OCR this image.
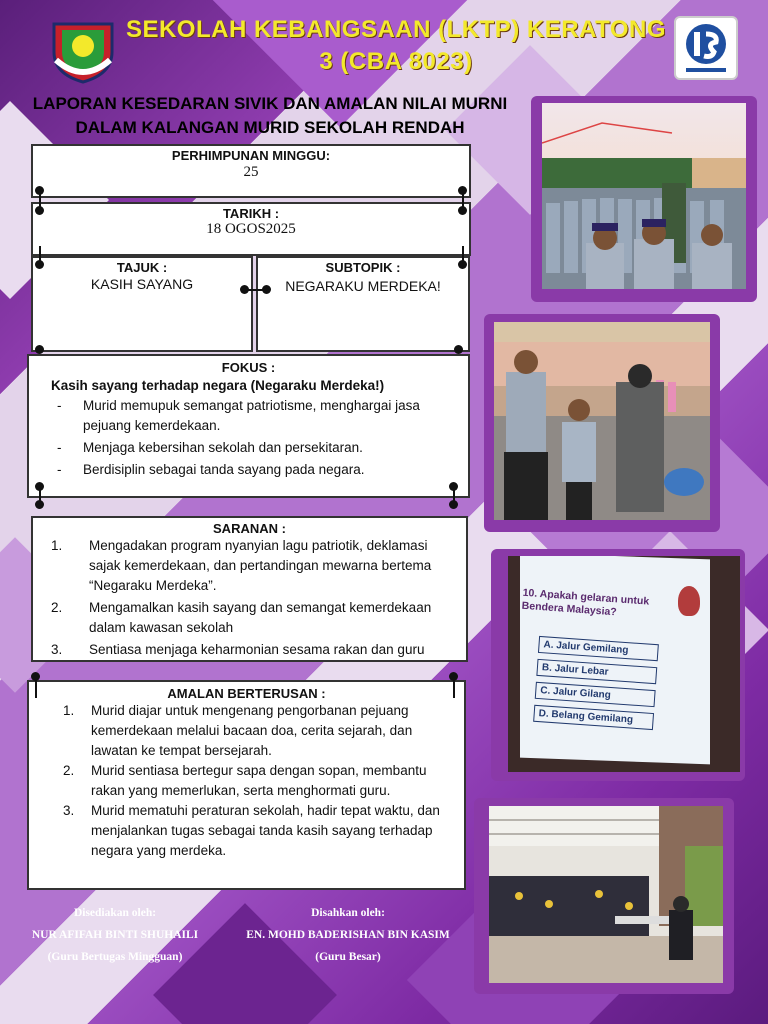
SEKOLAH KEBANGSAAN (LKTP) KERATONG 3 (CBA 8023)
LAPORAN KESEDARAN SIVIK DAN AMALAN NILAI MURNI DALAM KALANGAN MURID SEKOLAH RENDAH
PERHIMPUNAN MINGGU:
25
TARIKH :
18 OGOS2025
TAJUK :
KASIH SAYANG
SUBTOPIK :
NEGARAKU MERDEKA!
FOKUS :
Kasih sayang terhadap negara (Negaraku Merdeka!)
- Murid memupuk semangat patriotisme, menghargai jasa pejuang kemerdekaan.
- Menjaga kebersihan sekolah dan persekitaran.
- Berdisiplin sebagai tanda sayang pada negara.
SARANAN :
1. Mengadakan program nyanyian lagu patriotik, deklamasi sajak kemerdekaan, dan pertandingan mewarna bertema “Negaraku Merdeka”.
2. Mengamalkan kasih sayang dan semangat kemerdekaan dalam kawasan sekolah
3. Sentiasa menjaga keharmonian sesama rakan dan guru
AMALAN BERTERUSAN :
1. Murid diajar untuk mengenang pengorbanan pejuang kemerdekaan melalui bacaan doa, cerita sejarah, dan lawatan ke tempat bersejarah.
2. Murid sentiasa bertegur sapa dengan sopan, membantu rakan yang memerlukan, serta menghormati guru.
3. Murid mematuhi peraturan sekolah, hadir tepat waktu, dan menjalankan tugas sebagai tanda kasih sayang terhadap negara yang merdeka.
10. Apakah gelaran untuk Bendera Malaysia?
A. Jalur Gemilang
B. Jalur Lebar
C. Jalur Gilang
D. Belang Gemilang
Disediakan oleh:
NUR AFIFAH BINTI SHUHAILI
(Guru Bertugas Mingguan)
Disahkan oleh:
EN. MOHD BADERISHAN BIN KASIM
(Guru Besar)
